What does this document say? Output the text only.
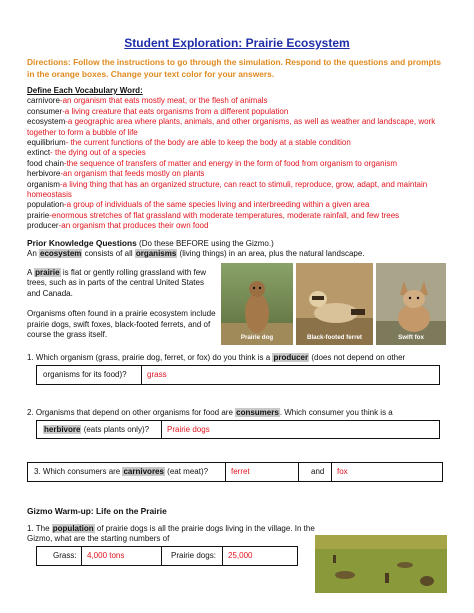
Student Exploration: Prairie Ecosystem
Directions: Follow the instructions to go through the simulation. Respond to the questions and prompts in the orange boxes. Change your text color for your answers.
Define Each Vocabulary Word:
carnivore-an organism that eats mostly meat, or the flesh of animals
consumer-a living creature that eats organisms from a different population
ecosystem-a geographic area where plants, animals, and other organisms, as well as weather and landscape, work together to form a bubble of life
equilibrium- the current functions of the body are able to keep the body at a stable condition
extinct- the dying out of a species
food chain-the sequence of transfers of matter and energy in the form of food from organism to organism
herbivore-an organism that feeds mostly on plants
organism-a living thing that has an organized structure, can react to stimuli, reproduce, grow, adapt, and maintain homeostasis
population-a group of individuals of the same species living and interbreeding within a given area
prairie-enormous stretches of flat grassland with moderate temperatures, moderate rainfall, and few trees
producer-an organism that produces their own food
Prior Knowledge Questions (Do these BEFORE using the Gizmo.)
An ecosystem consists of all organisms (living things) in an area, plus the natural landscape.
A prairie is flat or gently rolling grassland with few trees, such as in parts of the central United States and Canada.
Organisms often found in a prairie ecosystem include prairie dogs, swift foxes, black-footed ferrets, and of course the grass itself.	Prairie dog	Black-footed ferret	Swift fox
1. Which organism (grass, prairie dog, ferret, or fox) do you think is a producer (does not depend on other
organisms for its food)?	grass
2. Organisms that depend on other organisms for food are consumers. Which consumer you think is a
herbivore (eats plants only)? Prairie dogs
3. Which consumers are carnivores (eat meat)?	ferret	and fox
Gizmo Warm-up: Life on the Prairie
1. The population of prairie dogs is all the prairie dogs living in the village. In the Gizmo, what are the starting numbers of
Grass: 4,000 tons	Prairie dogs: 25,000
